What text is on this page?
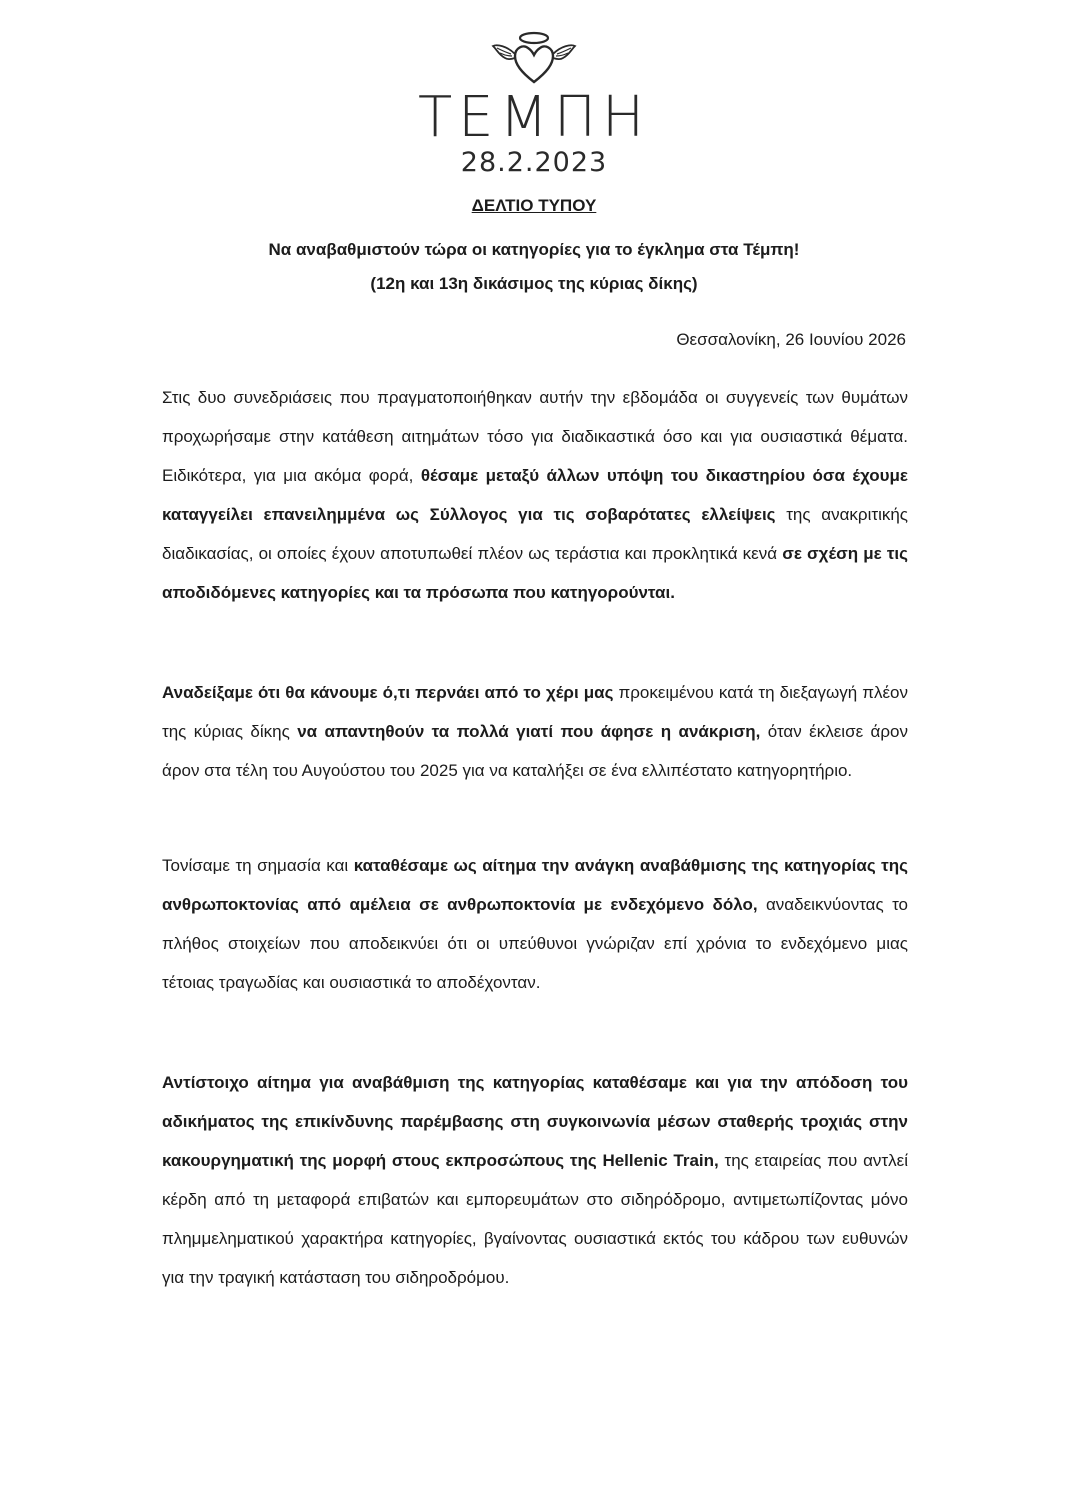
ΤΕΜΠΗ
28.2.2023
ΔΕΛΤΙΟ ΤΥΠΟΥ
Να αναβαθμιστούν τώρα οι κατηγορίες για το έγκλημα στα Τέμπη!
(12η και 13η δικάσιμος της κύριας δίκης)
Θεσσαλονίκη, 26 Ιουνίου 2026

Στις δυο συνεδριάσεις που πραγματοποιήθηκαν αυτήν την εβδομάδα οι συγγενείς των θυμάτων προχωρήσαμε στην κατάθεση αιτημάτων τόσο για διαδικαστικά όσο και για ουσιαστικά θέματα. Ειδικότερα, για μια ακόμα φορά, θέσαμε μεταξύ άλλων υπόψη του δικαστηρίου όσα έχουμε καταγγείλει επανειλημμένα ως Σύλλογος για τις σοβαρότατες ελλείψεις της ανακριτικής διαδικασίας, οι οποίες έχουν αποτυπωθεί πλέον ως τεράστια και προκλητικά κενά σε σχέση με τις αποδιδόμενες κατηγορίες και τα πρόσωπα που κατηγορούνται.

Αναδείξαμε ότι θα κάνουμε ό,τι περνάει από το χέρι μας προκειμένου κατά τη διεξαγωγή πλέον της κύριας δίκης να απαντηθούν τα πολλά γιατί που άφησε η ανάκριση, όταν έκλεισε άρον άρον στα τέλη του Αυγούστου του 2025 για να καταλήξει σε ένα ελλιπέστατο κατηγορητήριο.

Τονίσαμε τη σημασία και καταθέσαμε ως αίτημα την ανάγκη αναβάθμισης της κατηγορίας της ανθρωποκτονίας από αμέλεια σε ανθρωποκτονία με ενδεχόμενο δόλο, αναδεικνύοντας το πλήθος στοιχείων που αποδεικνύει ότι οι υπεύθυνοι γνώριζαν επί χρόνια το ενδεχόμενο μιας τέτοιας τραγωδίας και ουσιαστικά το αποδέχονταν.

Αντίστοιχο αίτημα για αναβάθμιση της κατηγορίας καταθέσαμε και για την απόδοση του αδικήματος της επικίνδυνης παρέμβασης στη συγκοινωνία μέσων σταθερής τροχιάς στην κακουργηματική της μορφή στους εκπροσώπους της Hellenic Train, της εταιρείας που αντλεί κέρδη από τη μεταφορά επιβατών και εμπορευμάτων στο σιδηρόδρομο, αντιμετωπίζοντας μόνο πλημμεληματικού χαρακτήρα κατηγορίες, βγαίνοντας ουσιαστικά εκτός του κάδρου των ευθυνών για την τραγική κατάσταση του σιδηροδρόμου.
